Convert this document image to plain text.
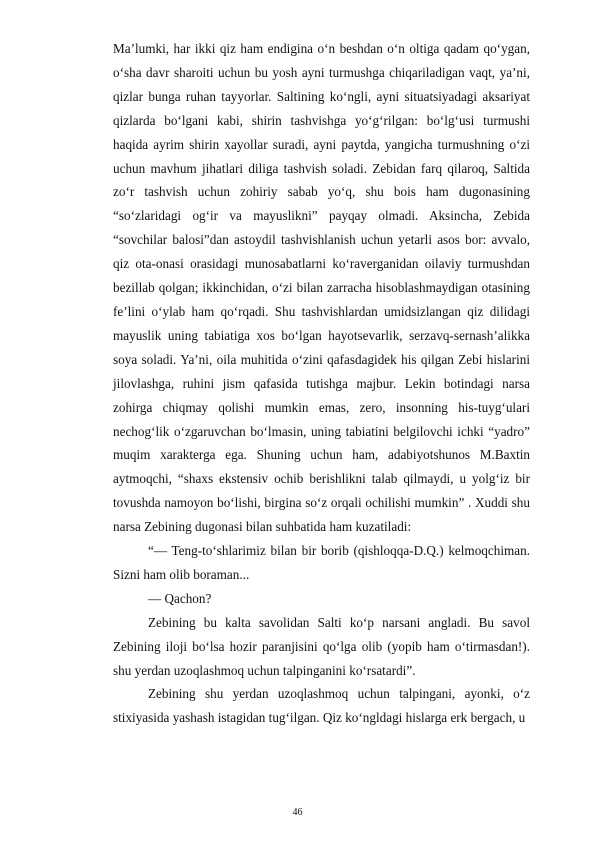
Ma’lumki, har ikki qiz ham endigina o‘n beshdan o‘n oltiga qadam qo‘ygan, o‘sha davr sharoiti uchun bu yosh ayni turmushga chiqariladigan vaqt, ya’ni, qizlar bunga ruhan tayyorlar. Saltining ko‘ngli, ayni situatsiyadagi aksariyat qizlarda bo‘lgani kabi, shirin tashvishga yo‘g‘rilgan: bo‘lg‘usi turmushi haqida ayrim shirin xayollar suradi, ayni paytda, yangicha turmushning o‘zi uchun mavhum jihatlari diliga tashvish soladi. Zebidan farq qilaroq, Saltida zo‘r tashvish uchun zohiriy sabab yo‘q, shu bois ham dugonasining “so‘zlaridagi og‘ir va mayuslikni” payqay olmadi. Aksincha, Zebida “sovchilar balosi”dan astoydil tashvishlanish uchun yetarli asos bor: avvalo, qiz ota-onasi orasidagi munosabatlarni ko‘raverganidan oilaviy turmushdan bezillab qolgan; ikkinchidan, o‘zi bilan zarracha hisoblashmaydigan otasining fe’lini o‘ylab ham qo‘rqadi. Shu tashvishlardan umidsizlangan qiz dilidagi mayuslik uning tabiatiga xos bo‘lgan hayotsevarlik, serzavq-sernash’alikka soya soladi. Ya’ni, oila muhitida o‘zini qafasdagidek his qilgan Zebi hislarini jilovlashga, ruhini jism qafasida tutishga majbur. Lekin botindagi narsa zohirga chiqmay qolishi mumkin emas, zero, insonning his-tuyg‘ulari nechog‘lik o‘zgaruvchan bo‘lmasin, uning tabiatini belgilovchi ichki “yadro” muqim xarakterga ega. Shuning uchun ham, adabiyotshunos M.Baxtin aytmoqchi, “shaxs ekstensiv ochib berishlikni talab qilmaydi, u yolg‘iz bir tovushda namoyon bo‘lishi, birgina so‘z orqali ochilishi mumkin” . Xuddi shu narsa Zebining dugonasi bilan suhbatida ham kuzatiladi:

“— Teng-to‘shlarimiz bilan bir borib (qishloqqa-D.Q.) kelmoqchiman. Sizni ham olib boraman...

— Qachon?

Zebining bu kalta savolidan Salti ko‘p narsani angladi. Bu savol Zebining iloji bo‘lsa hozir paranjisini qo‘lga olib (yopib ham o‘tirmasdan!). shu yerdan uzoqlashmoq uchun talpinganini ko‘rsatardi”.

Zebining shu yerdan uzoqlashmoq uchun talpingani, ayonki, o‘z stixiyasida yashash istagidan tug‘ilgan. Qiz ko‘ngldagi hislarga erk bergach, u

46
